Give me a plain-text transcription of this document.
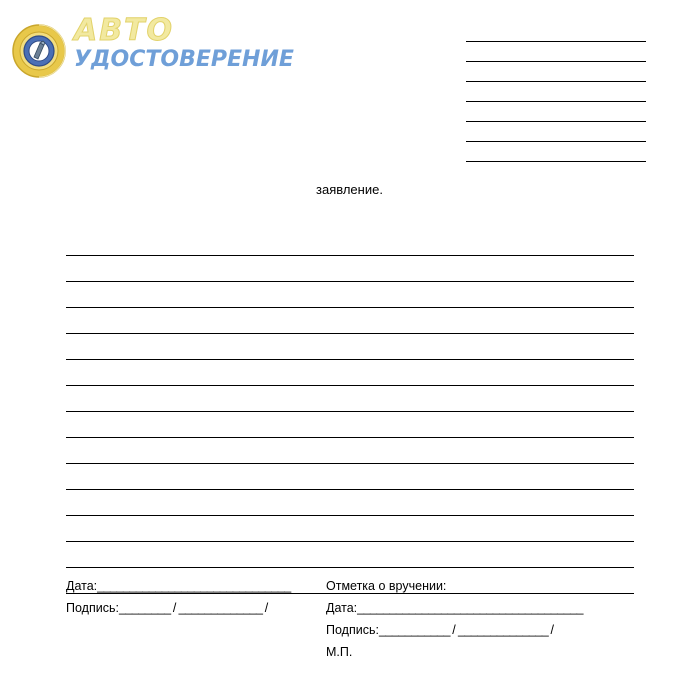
АВТО

УДОСТОВЕРЕНИЕ

заявление.
Дата:______________________________
Подпись:________ / _____________ /
Отметка о вручении:
Дата:___________________________________
Подпись:___________ / ______________ /
М.П.
